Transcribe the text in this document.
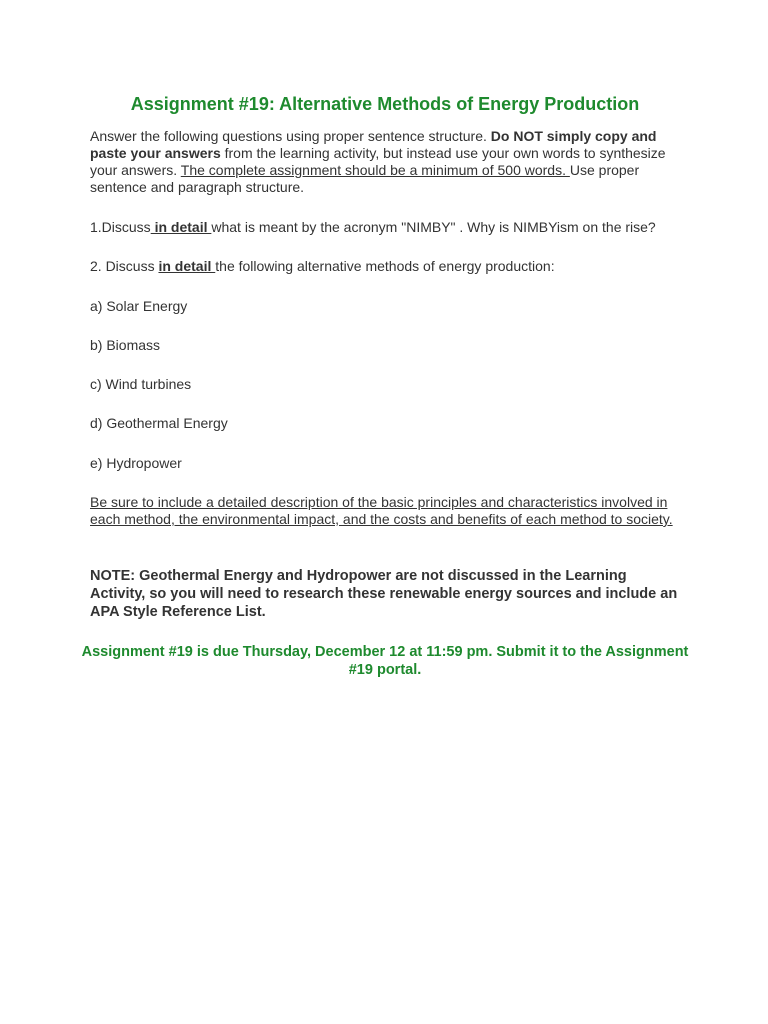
Assignment #19: Alternative Methods of Energy Production
Answer the following questions using proper sentence structure. Do NOT simply copy and paste your answers from the learning activity, but instead use your own words to synthesize your answers. The complete assignment should be a minimum of 500 words. Use proper sentence and paragraph structure.
1.Discuss in detail what is meant by the acronym "NIMBY" . Why is NIMBYism on the rise?
2. Discuss in detail the following alternative methods of energy production:
a) Solar Energy
b) Biomass
c) Wind turbines
d) Geothermal Energy
e) Hydropower
Be sure to include a detailed description of the basic principles and characteristics involved in each method, the environmental impact, and the costs and benefits of each method to society.
NOTE: Geothermal Energy and Hydropower are not discussed in the Learning Activity, so you will need to research these renewable energy sources and include an APA Style Reference List.
Assignment #19 is due Thursday, December 12 at 11:59 pm. Submit it to the Assignment #19 portal.
